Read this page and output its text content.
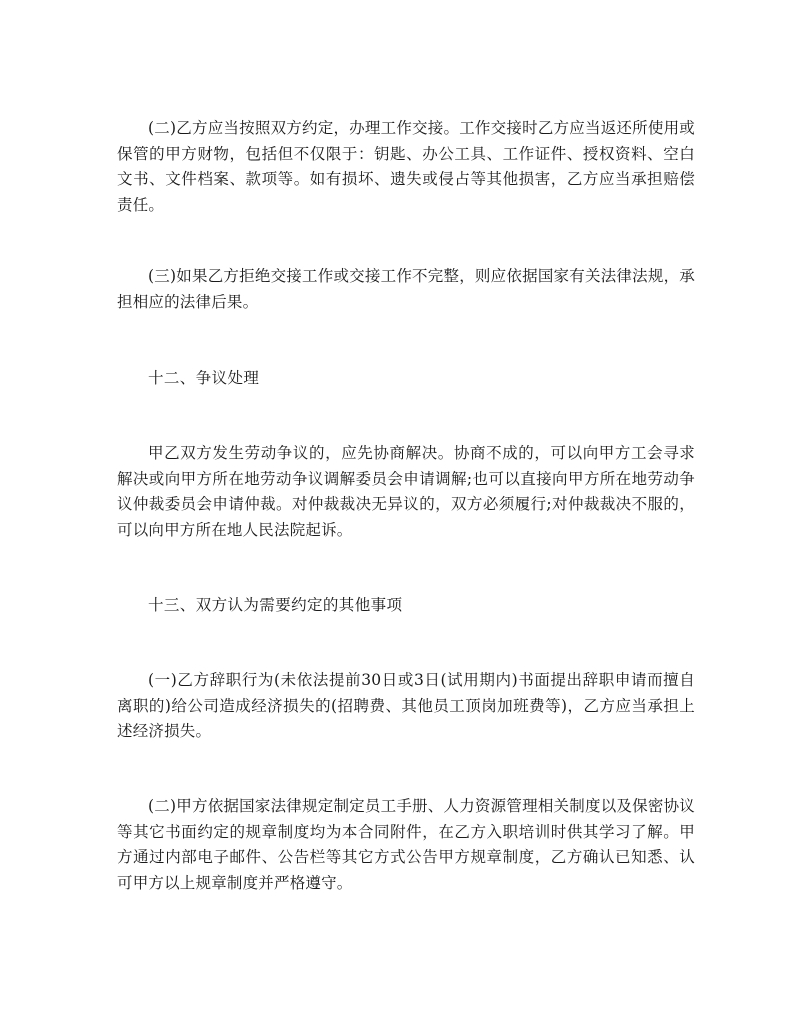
(二)乙方应当按照双方约定，办理工作交接。工作交接时乙方应当返还所使用或保管的甲方财物，包括但不仅限于：钥匙、办公工具、工作证件、授权资料、空白文书、文件档案、款项等。如有损坏、遗失或侵占等其他损害，乙方应当承担赔偿责任。

(三)如果乙方拒绝交接工作或交接工作不完整，则应依据国家有关法律法规，承担相应的法律后果。

十二、争议处理

甲乙双方发生劳动争议的，应先协商解决。协商不成的，可以向甲方工会寻求解决或向甲方所在地劳动争议调解委员会申请调解;也可以直接向甲方所在地劳动争议仲裁委员会申请仲裁。对仲裁裁决无异议的，双方必须履行;对仲裁裁决不服的，可以向甲方所在地人民法院起诉。

十三、双方认为需要约定的其他事项

(一)乙方辞职行为(未依法提前30日或3日(试用期内)书面提出辞职申请而擅自离职的)给公司造成经济损失的(招聘费、其他员工顶岗加班费等)，乙方应当承担上述经济损失。

(二)甲方依据国家法律规定制定员工手册、人力资源管理相关制度以及保密协议等其它书面约定的规章制度均为本合同附件，在乙方入职培训时供其学习了解。甲方通过内部电子邮件、公告栏等其它方式公告甲方规章制度，乙方确认已知悉、认可甲方以上规章制度并严格遵守。
